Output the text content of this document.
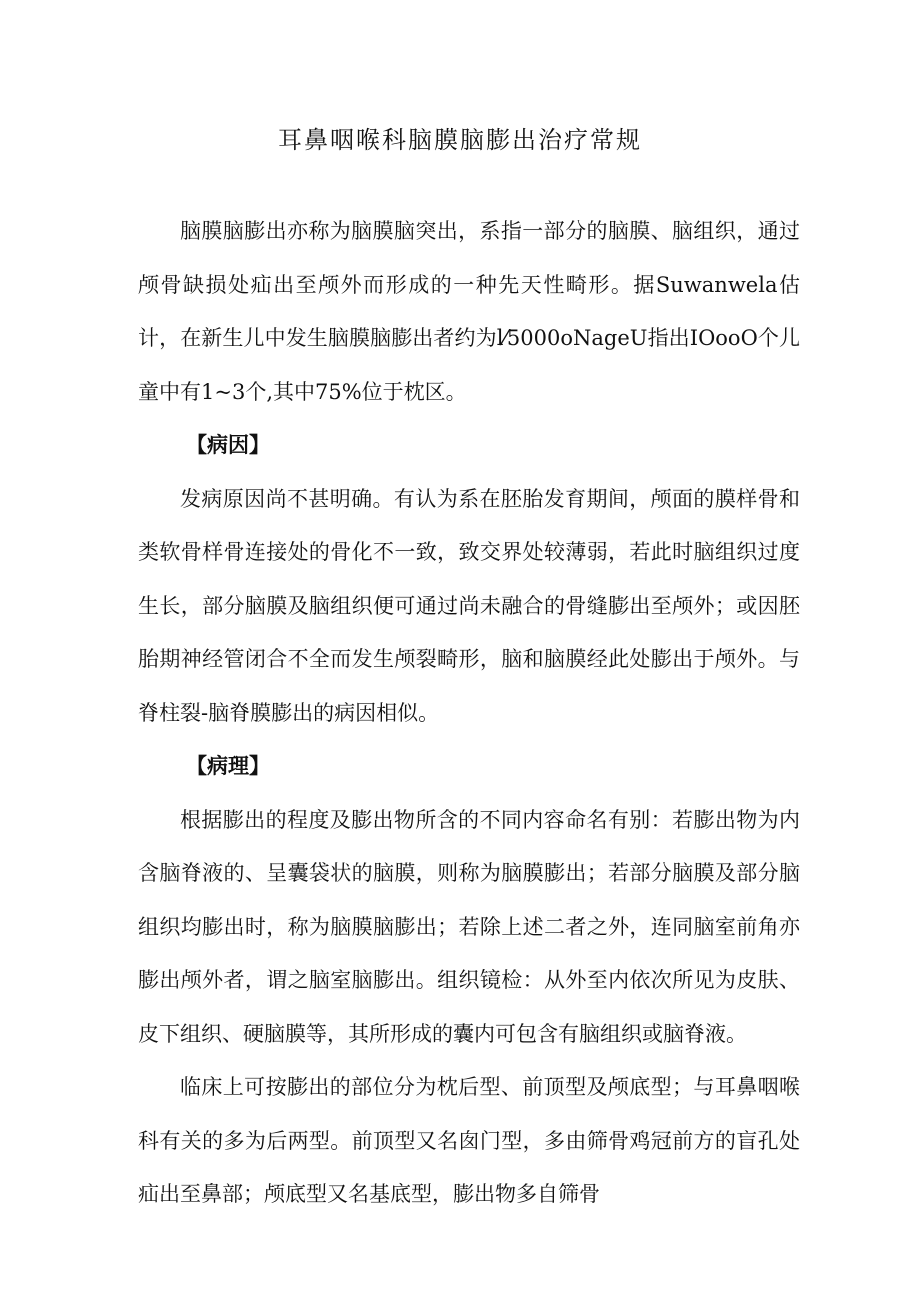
耳鼻咽喉科脑膜脑膨出治疗常规

脑膜脑膨出亦称为脑膜脑突出，系指一部分的脑膜、脑组织，通过颅骨缺损处疝出至颅外而形成的一种先天性畸形。据Suwanwela估计，在新生儿中发生脑膜脑膨出者约为l⁄5000oNageU指出IOooO个儿童中有1~3个,其中75%位于枕区。

【病因】

发病原因尚不甚明确。有认为系在胚胎发育期间，颅面的膜样骨和类软骨样骨连接处的骨化不一致，致交界处较薄弱，若此时脑组织过度生长，部分脑膜及脑组织便可通过尚未融合的骨缝膨出至颅外；或因胚胎期神经管闭合不全而发生颅裂畸形，脑和脑膜经此处膨出于颅外。与脊柱裂-脑脊膜膨出的病因相似。

【病理】

根据膨出的程度及膨出物所含的不同内容命名有别：若膨出物为内含脑脊液的、呈囊袋状的脑膜，则称为脑膜膨出；若部分脑膜及部分脑组织均膨出时，称为脑膜脑膨出；若除上述二者之外，连同脑室前角亦膨出颅外者，谓之脑室脑膨出。组织镜检：从外至内依次所见为皮肤、皮下组织、硬脑膜等，其所形成的囊内可包含有脑组织或脑脊液。

临床上可按膨出的部位分为枕后型、前顶型及颅底型；与耳鼻咽喉科有关的多为后两型。前顶型又名囱门型，多由筛骨鸡冠前方的盲孔处疝出至鼻部；颅底型又名基底型，膨出物多自筛骨
